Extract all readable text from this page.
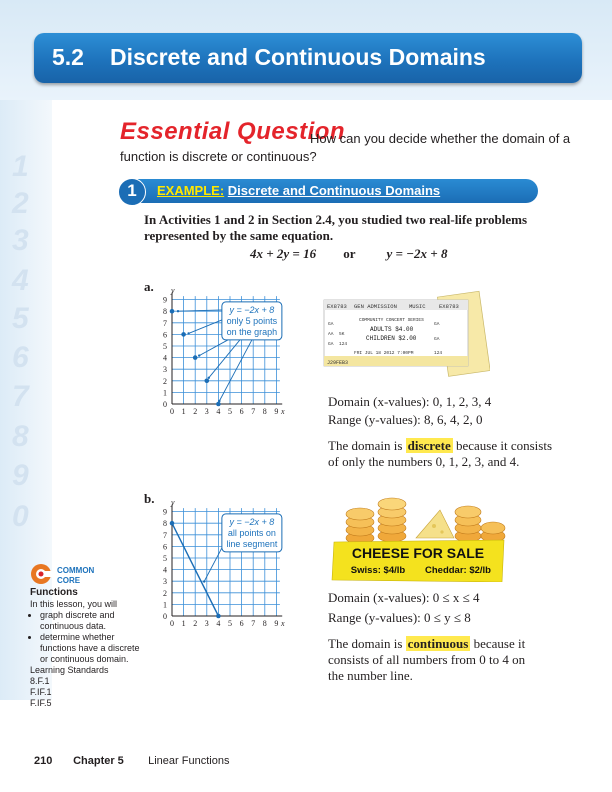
5.2 Discrete and Continuous Domains
1
2
3
4
5
6
7
8
9
0
Essential Question
How can you decide whether the domain of a
function is discrete or continuous?
1	EXAMPLE: Discrete and Continuous Domains
In Activities 1 and 2 in Section 2.4, you studied two real-life problems
represented by the same equation.
4x + 2y = 16 or y = −2x + 8
a.
0 1 2 3 4 5 6 7 8 9
1
2
3
4
5
6
7
8
9
0
x
y
y = −2x + 8
only 5 points
on the graph
Domain (x-values): 0, 1, 2, 3, 4
Range (y-values): 8, 6, 4, 2, 0
The domain is discrete because it consists
of only the numbers 0, 1, 2, 3, and 4.
EX8783 GEN ADMISSION MUSIC EX8783
COMMUNITY CONCERT SERIES
ADULTS $4.00
CHILDREN $2.00
FRI JUL 18 2012 7:00PM
GA
AA 5K
GA 124
GA
GA
124
J29FEB3
b.
0 1 2 3 4 5 6 7 8 9
1
2
3
4
5
6
7
8
9
0
x
y
y = −2x + 8
all points on
line segment
CHEESE FOR SALE
Swiss: $4/lb Cheddar: $2/lb
Domain (x-values): 0 ≤ x ≤ 4
Range (y-values): 0 ≤ y ≤ 8
The domain is continuous because it
consists of all numbers from 0 to 4 on
the number line.
COMMON
CORE
Functions
In this lesson, you will
• graph discrete and continuous data.
• determine whether functions have a discrete or continuous domain.
Learning Standards
8.F.1
F.IF.1
F.IF.5
210 Chapter 5 Linear Functions
